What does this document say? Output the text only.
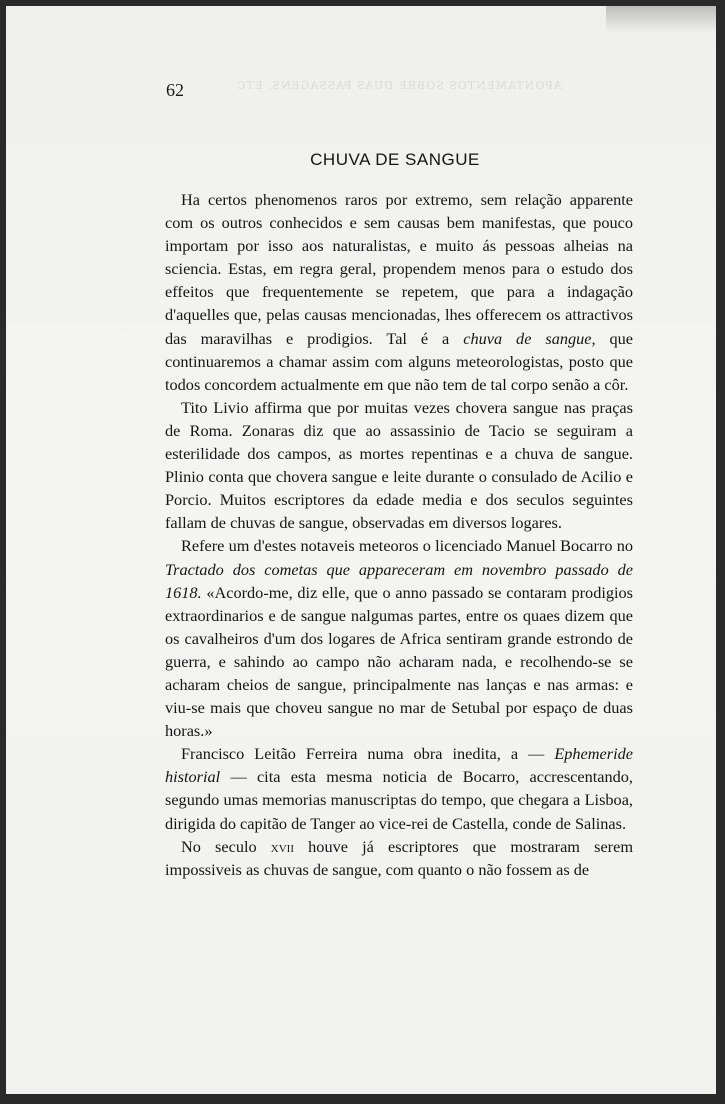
APONTAMENTOS SOBRE DUAS PASSAGENS, ETC
62
CHUVA DE SANGUE

Ha certos phenomenos raros por extremo, sem relação apparente com os outros conhecidos e sem causas bem manifestas, que pouco importam por isso aos naturalistas, e muito ás pessoas alheias na sciencia. Estas, em regra geral, propendem menos para o estudo dos effeitos que frequentemente se repetem, que para a indagação d'aquelles que, pelas causas mencionadas, lhes offerecem os attractivos das maravilhas e prodigios. Tal é a chuva de sangue, que continuaremos a chamar assim com alguns meteorologistas, posto que todos concordem actualmente em que não tem de tal corpo senão a côr.

Tito Livio affirma que por muitas vezes chovera sangue nas praças de Roma. Zonaras diz que ao assassinio de Tacio se seguiram a esterilidade dos campos, as mortes repentinas e a chuva de sangue. Plinio conta que chovera sangue e leite durante o consulado de Acilio e Porcio. Muitos escriptores da edade media e dos seculos seguintes fallam de chuvas de sangue, observadas em diversos logares.

Refere um d'estes notaveis meteoros o licenciado Manuel Bocarro no Tractado dos cometas que appareceram em novembro passado de 1618. «Acordo-me, diz elle, que o anno passado se contaram prodigios extraordinarios e de sangue nalgumas partes, entre os quaes dizem que os cavalheiros d'um dos logares de Africa sentiram grande estrondo de guerra, e sahindo ao campo não acharam nada, e recolhendo-se se acharam cheios de sangue, principalmente nas lanças e nas armas: e viu-se mais que choveu sangue no mar de Setubal por espaço de duas horas.»

Francisco Leitão Ferreira numa obra inedita, a — Ephemeride historial — cita esta mesma noticia de Bocarro, accrescentando, segundo umas memorias manuscriptas do tempo, que chegara a Lisboa, dirigida do capitão de Tanger ao vice-rei de Castella, conde de Salinas.

No seculo xvii houve já escriptores que mostraram serem impossiveis as chuvas de sangue, com quanto o não fossem as de
